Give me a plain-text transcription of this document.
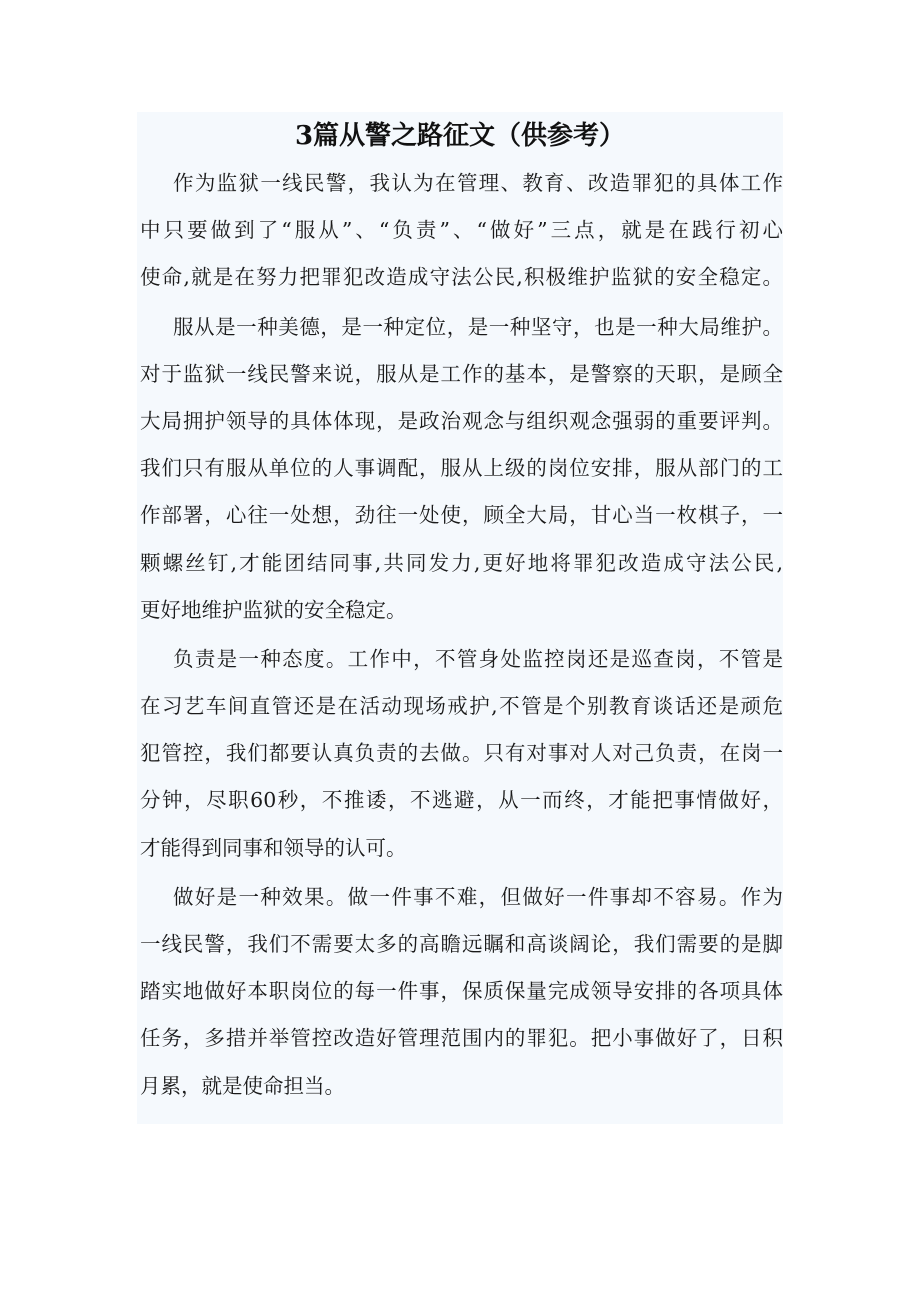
3篇从警之路征文（供参考）
作为监狱一线民警，我认为在管理、教育、改造罪犯的具体工作
中只要做到了“服从”、“负责”、“做好”三点，就是在践行初心
使命,就是在努力把罪犯改造成守法公民,积极维护监狱的安全稳定。
服从是一种美德，是一种定位，是一种坚守，也是一种大局维护。
对于监狱一线民警来说，服从是工作的基本，是警察的天职，是顾全
大局拥护领导的具体体现，是政治观念与组织观念强弱的重要评判。
我们只有服从单位的人事调配，服从上级的岗位安排，服从部门的工
作部署，心往一处想，劲往一处使，顾全大局，甘心当一枚棋子，一
颗螺丝钉,才能团结同事,共同发力,更好地将罪犯改造成守法公民,
更好地维护监狱的安全稳定。
负责是一种态度。工作中，不管身处监控岗还是巡查岗，不管是
在习艺车间直管还是在活动现场戒护,不管是个别教育谈话还是顽危
犯管控，我们都要认真负责的去做。只有对事对人对己负责，在岗一
分钟，尽职60秒，不推诿，不逃避，从一而终，才能把事情做好，
才能得到同事和领导的认可。
做好是一种效果。做一件事不难，但做好一件事却不容易。作为
一线民警，我们不需要太多的高瞻远瞩和高谈阔论，我们需要的是脚
踏实地做好本职岗位的每一件事，保质保量完成领导安排的各项具体
任务，多措并举管控改造好管理范围内的罪犯。把小事做好了，日积
月累，就是使命担当。
